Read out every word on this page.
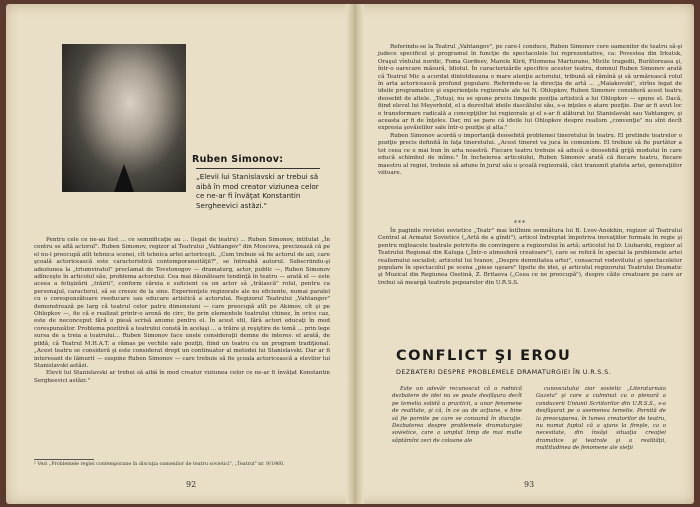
Ruben Simonov:
„Elevii lui Stanislavski ar trebui să aibă în mod creator viziunea celor ce ne-ar fi învăţat Konstantin Sergheevici astăzi."

Pentru cele ce ne-au fost ... ce semnificaţie au ... (legat de teatru) ... Ruben Simonov, intitulat „În centru se află actorul". Ruben Simonov, regizor al Teatrului „Vahtangov" din Moscova, precizează că pe el nu-l preocupă atît tehnica scenei, cît tehnica artei actoriceşti. „Cum trebuie să fie actorul de azi, care şcoală actoricească este caracteristică contemporaneităţii?", se întreabă autorul. Subscriindu-şi adeziunea la „triumviratul" proclamat de Tovstonogov — dramaturg, actor, public —, Ruben Simonov adînceşte în articolul său, problema actorului. Cea mai dăunătoare tendinţă în teatru — arată el — este aceea a fetişizării „trăirii", conform căreia e suficient ca un actor să „trăiască" rolul, pentru ca personajul, caracterul, să se creeze de la sine. Experienţele regizorale ale nu eficiente, numai paralel cu o corespunzătoare reeducare sau educare artistică a actorului. Regizorul Teatrului „Vahtangov" demonstrează pe larg că teatrul celor patru dimensiuni — care preocupă atît pe Akimov, cît şi pe Ohlopkov —, fie că e realizat printr-o arenă de circ, fie prin elementele teatrului chinez, în orice caz, este de neconceput fără o piesă scrisă anume pentru el. În acest stil, fără actori educaţi în mod corespunzător. Problema pozitivă a teatrului constă în acelaşi ... a trăire şi reşiştire de temă ... prin lege sursa de a treia a teatrului... Ruben Simonov face unele consideraţii demne de interes: el arată, de pildă, că Teatrul M.H.A.T. a rămas pe vechile sale poziţii, fiind un teatru cu un program tradiţional. „Acest teatru se consideră şi este considerat drept un continuator al metodei lui Stanislavski. Dar ar fi interesant de lămurit — suspine Ruben Simonov — care trebuie să fie şcoala actoricească a elevilor lui Stanislavski astăzi.

Elevii lui Stanislavski ar trebui să aibă în mod creator viziunea celor ce ne-ar fi învăţat Konstantin Sergheevici astăzi."

¹ Vezi „Problemele regiei contemporane în discuţia oamenilor de teatru sovietici", „Teatrul" nr. 9/1960.
92

Referindu-se la Teatrul „Vahtangov", pe care-l conduce, Ruben Simonov cere oamenilor de teatru să-şi judece specificul şi programul în funcţie de spectacolele lui reprezentative, ca: Povestea din Irkutsk, Oraşul vîntului nordic, Foma Gordeev, Marele Kirii, Filomena Marturano, Micile tragedii, Burătoreasa şi, într-o oarecare măsură, Idiotul. În caracterizările specifice acestor teatru, domnul Ruben Simonov arată că Teatrul Mic a acordat dintotdeauna o mare atenţie actorului, tribună să rămînă şi să urmărească rolul în arta actoricească profund populare. Referindu-se la direcţia de artă ... „Maiakovski", strîns legat de ideile programatice şi experienţele regizorale ale lui N. Ohlopkov, Ruben Simonov consideră acest teatru deosebit de altele. „Totuşi, nu se spune precis limpede poziţia artistică a lui Ohlopkov — spune el. Dacă, fiind elevul lui Meyerhold, el a dezvoltat ideile dascălului său, s-a inţeles o atare poziţie. Dar ar fi avut loc o transformare radicală a concepţiilor lui regizorale şi el s-ar fi alăturat lui Stanislavski sau Vahtangov, şi aceasta ar fi de înţeles. Dar, mi se pare că ideile lui Ohlopkov despre realism „convenţie" nu sînt decît expresia şovăielilor sale într-o poziţie şi alta."

Ruben Simonov acordă o importanţă deosebită problemei tineretului în teatru. El pretinde teatrelor o poziţie precis definită în faţa tineretului. „Acest tineret va juca în comunism. El trebuie să fie purtător a tot ceea ce e mai bun în arta noastră. Fiecare teatru trebuie să aducă o deosebită grijă modului în care educă schimbul de mîine." În încheierea articolului, Ruben Simonov arată că fiecare teatru, fiecare maestru al regiei, trebuie să adune în jurul său o şcoală regizorală, căci transmit ştafeta artei, generaţiilor viitoare.

***

În paginile revistei sovietice „Teatr" mai întîlnim semnătura lui B. Lvov-Anokhin, regizor al Teatrului Central al Armatei Sovietice („Artă de a gîndi"), articol îndreptat împotriva inovaţiilor formale în regie şi pentru mijloacele teatrale potrivite de convingere a regizorului în artă; articolul lui D. Liubarski, regizor al Teatrului Regional din Kaluga („Într-o atmosferă creatoare"), care se referă în special la problemele artei realismului socialist; articolul lui Ivanov, „Despre demnitatea artei", consacrat vodevilului şi spectacolelor populare în spectacolul pe scena „piese uşoare" lipsite de idei, şi articolul regizorului Teatrului Dramatic şi Muzical din Regiunea Osetină, Z. Britaeva („Ceea ce ne preocupă"), despre căile creatoare pe care ar trebui să meargă teatrele popoarelor din U.R.S.S.

CONFLICT ŞI EROU
DEZBATERI DESPRE PROBLEMELE DRAMATURGIEI ÎN U.R.S.S.

Este un adevăr recunoscut că o rodnică dezbatere de idei nu se poate desfăşura decît pe temelia solidă a practicii, a unor fenomene de realitate, şi că, în ce au de acţiune, e bine să fie pornite pe care se consumă în discuţie. Dezbaterea despre problemele dramaturgiei sovietice, care a umplut timp de mai multe săptămîni zeci de coloane ale

cunoscutului ziar sovietic „Literaturnaia Gazeta" şi care a culminat cu o plenară a conducerii Uniunii Scriitorilor din U.R.S.S., s-a desfăşurat pe o asemenea temelie. Pornită de la preocuparea, în lumea creatorilor de teatru, nu numai faptul că a ajuns la fireşte, ca o necesitate, din însăşi situaţia creaţiei dramatice şi teatrale şi a realităţii, multitudinea de fenomene ale vieţii

93
